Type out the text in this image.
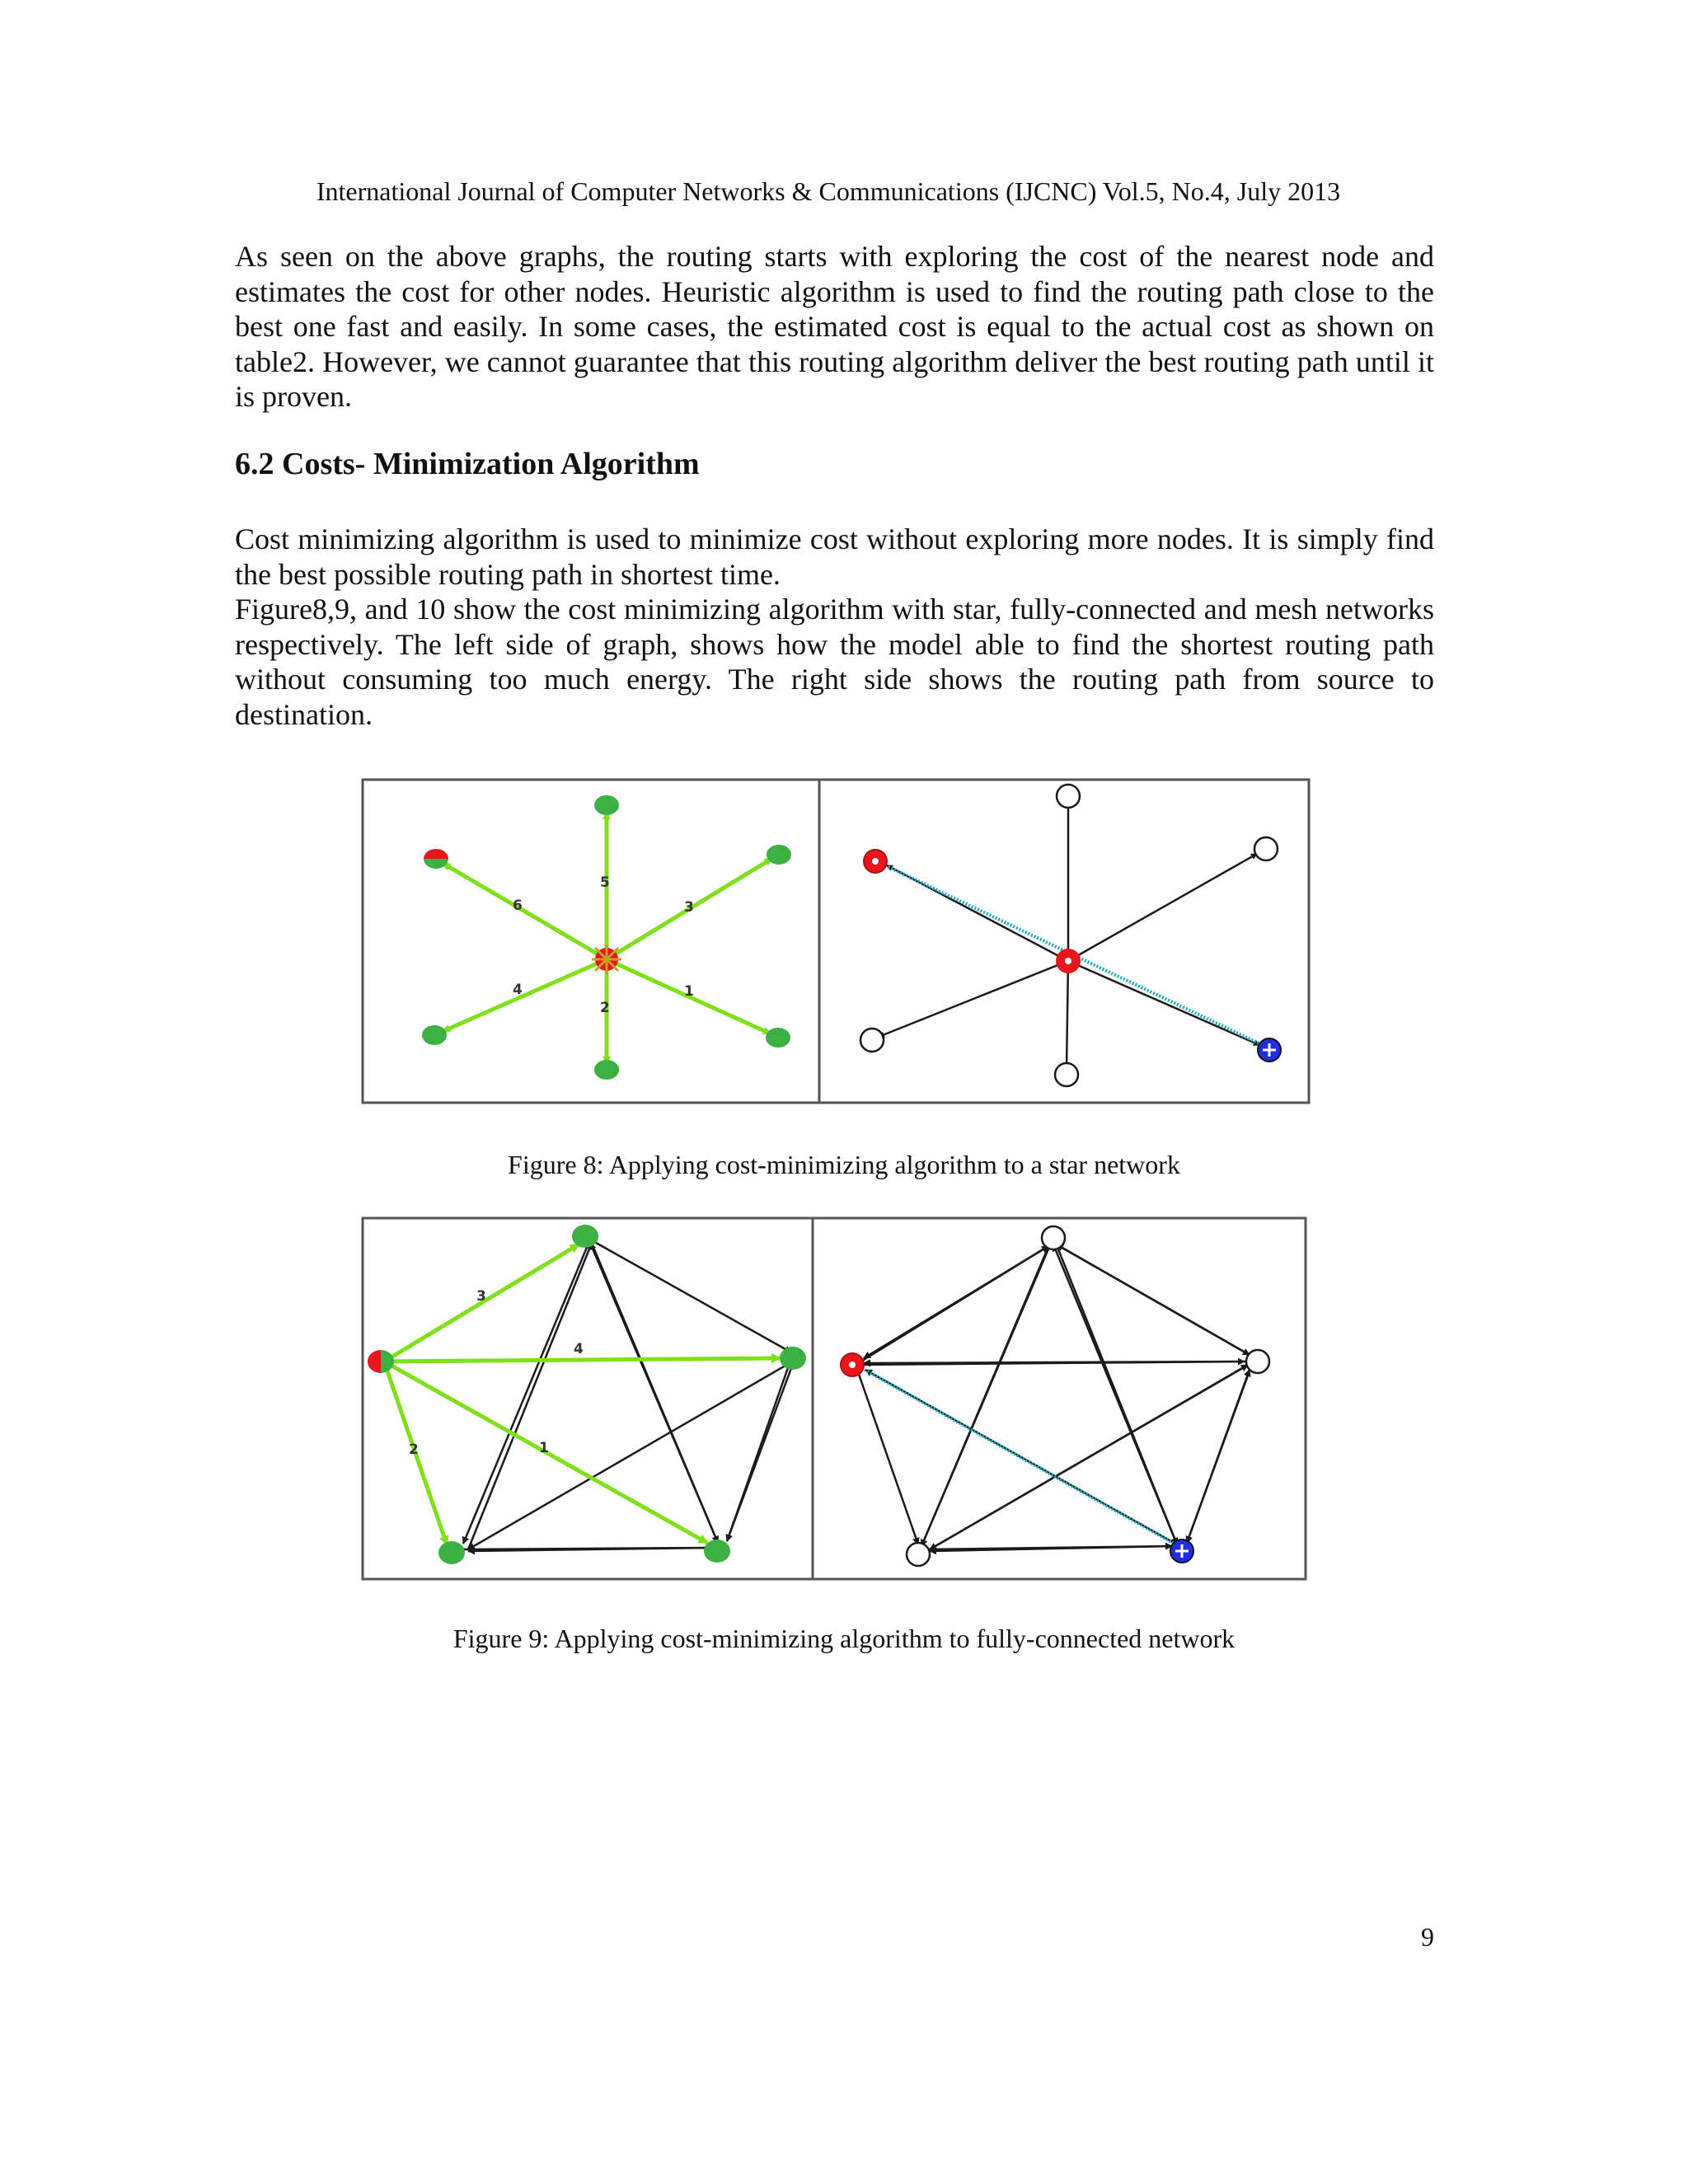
International Journal of Computer Networks & Communications (IJCNC) Vol.5, No.4, July 2013
As seen on the above graphs, the routing starts with exploring the cost of the nearest node and estimates the cost for other nodes. Heuristic algorithm is used to find the routing path close to the best one fast and easily. In some cases, the estimated cost is equal to the actual cost as shown on table2. However, we cannot guarantee that this routing algorithm deliver the best routing path until it is proven.
6.2 Costs- Minimization Algorithm
Cost minimizing algorithm is used to minimize cost without exploring more nodes. It is simply find the best possible routing path in shortest time.
Figure8,9, and 10 show the cost minimizing algorithm with star, fully-connected and mesh networks respectively. The left side of graph, shows how the model able to find the shortest routing path without consuming too much energy. The right side shows the routing path from source to destination.
5
3
6
4
2
1
Figure 8: Applying cost-minimizing algorithm to a star network
3
4
2	1
Figure 9: Applying cost-minimizing algorithm to fully-connected network
9
